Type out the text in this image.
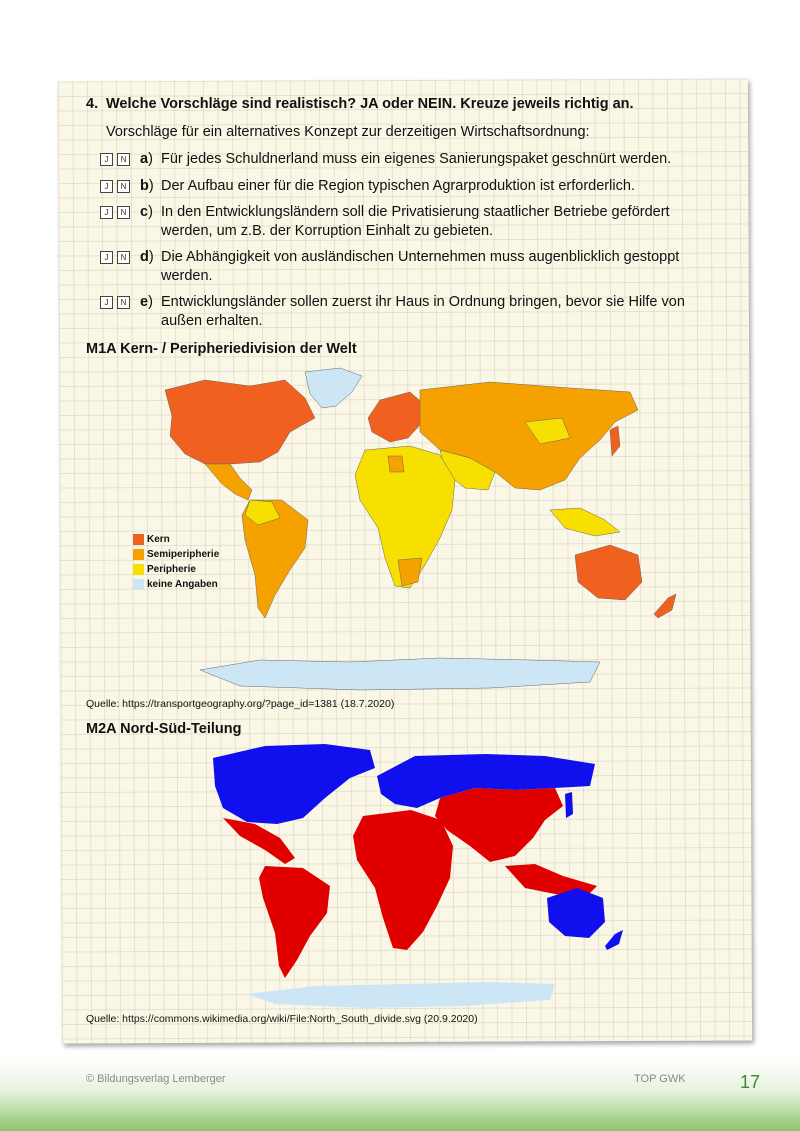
4. Welche Vorschläge sind realistisch? JA oder NEIN. Kreuze jeweils richtig an.
Vorschläge für ein alternatives Konzept zur derzeitigen Wirtschaftsordnung:
J N a) Für jedes Schuldnerland muss ein eigenes Sanierungspaket geschnürt werden.
J N b) Der Aufbau einer für die Region typischen Agrarproduktion ist erforderlich.
J N c) In den Entwicklungsländern soll die Privatisierung staatlicher Betriebe gefördert werden, um z.B. der Korruption Einhalt zu gebieten.
J N d) Die Abhängigkeit von ausländischen Unternehmen muss augenblicklich gestoppt werden.
J N e) Entwicklungsländer sollen zuerst ihr Haus in Ordnung bringen, bevor sie Hilfe von außen erhalten.
M1A Kern- / Peripheriedivision der Welt
Kern
Semiperipherie
Peripherie
keine Angaben
Quelle: https://transportgeography.org/?page_id=1381 (18.7.2020)
M2A Nord-Süd-Teilung
Quelle: https://commons.wikimedia.org/wiki/File:North_South_divide.svg (20.9.2020)
© Bildungsverlag Lemberger	TOP GWK	17
